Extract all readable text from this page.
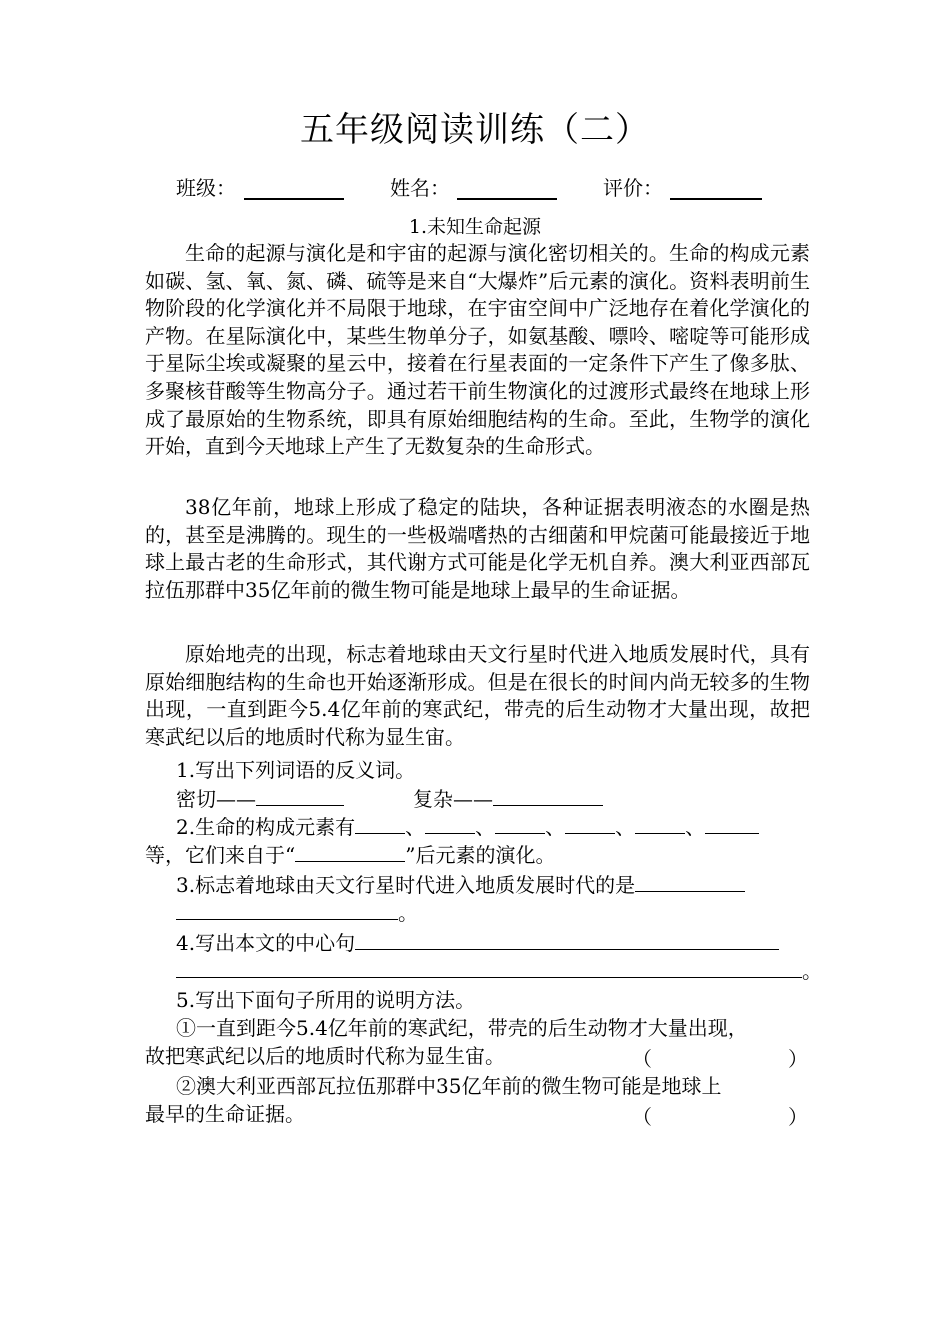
五年级阅读训练（二）
班级：	姓名：	评价：
1.未知生命起源
生命的起源与演化是和宇宙的起源与演化密切相关的。生命的构成元素如碳、氢、氧、氮、磷、硫等是来自“大爆炸”后元素的演化。资料表明前生物阶段的化学演化并不局限于地球，在宇宙空间中广泛地存在着化学演化的产物。在星际演化中，某些生物单分子，如氨基酸、嘌呤、嘧啶等可能形成于星际尘埃或凝聚的星云中，接着在行星表面的一定条件下产生了像多肽、多聚核苷酸等生物高分子。通过若干前生物演化的过渡形式最终在地球上形成了最原始的生物系统，即具有原始细胞结构的生命。至此，生物学的演化开始，直到今天地球上产生了无数复杂的生命形式。
38亿年前，地球上形成了稳定的陆块，各种证据表明液态的水圈是热的，甚至是沸腾的。现生的一些极端嗜热的古细菌和甲烷菌可能最接近于地球上最古老的生命形式，其代谢方式可能是化学无机自养。澳大利亚西部瓦拉伍那群中35亿年前的微生物可能是地球上最早的生命证据。
原始地壳的出现，标志着地球由天文行星时代进入地质发展时代，具有原始细胞结构的生命也开始逐渐形成。但是在很长的时间内尚无较多的生物出现，一直到距今5.4亿年前的寒武纪，带壳的后生动物才大量出现，故把寒武纪以后的地质时代称为显生宙。
1.写出下列词语的反义词。
密切——	复杂——
2.生命的构成元素有	、	、	、	、	、
等，它们来自于“	”后元素的演化。
3.标志着地球由天文行星时代进入地质发展时代的是
。
4.写出本文的中心句
。
5.写出下面句子所用的说明方法。
①一直到距今5.4亿年前的寒武纪，带壳的后生动物才大量出现，
故把寒武纪以后的地质时代称为显生宙。	（	）
②澳大利亚西部瓦拉伍那群中35亿年前的微生物可能是地球上
最早的生命证据。	（	）
